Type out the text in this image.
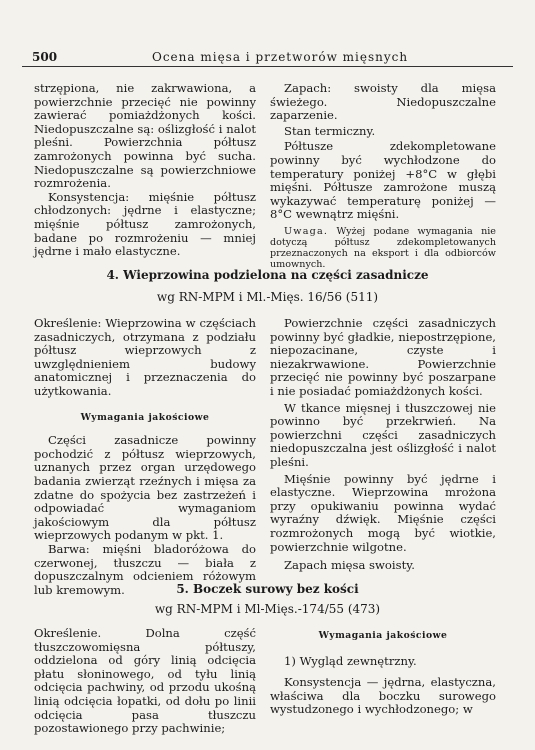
500	Ocena mięsa i przetworów mięsnych

strzępiona, nie zakrwawiona, a powierzchnie przecięć nie powinny zawierać pomiażdżonych kości. Niedopuszczalne są: oślizgłość i nalot pleśni. Powierzchnia półtusz zamrożonych powinna być sucha. Niedopuszczalne są powierzchniowe rozmrożenia.

Konsystencja: mięśnie półtusz chłodzonych: jędrne i elastyczne; mięśnie półtusz zamrożonych, badane po rozmrożeniu — mniej jędrne i mało elastyczne.

Zapach: swoisty dla mięsa świeżego. Niedopuszczalne zaparzenie.

Stan termiczny.

Półtusze zdekompletowane powinny być wychłodzone do temperatury poniżej +8°C w głębi mięśni. Półtusze zamrożone muszą wykazywać temperaturę poniżej —8°C wewnątrz mięśni.

Uwaga. Wyżej podane wymagania nie dotyczą półtusz zdekompletowanych przeznaczonych na eksport i dla odbiorców umownych.

4. Wieprzowina podzielona na części zasadnicze
wg RN-MPM i Ml.-Mięs. 16/56 (511)

Określenie: Wieprzowina w częściach zasadniczych, otrzymana z podziału półtusz wieprzowych z uwzględnieniem budowy anatomicznej i przeznaczenia do użytkowania.

Wymagania jakościowe

Części zasadnicze powinny pochodzić z półtusz wieprzowych, uznanych przez organ urzędowego badania zwierząt rzeźnych i mięsa za zdatne do spożycia bez zastrzeżeń i odpowiadać wymaganiom jakościowym dla półtusz wieprzowych podanym w pkt. 1.

Barwa: mięśni bladoróżowa do czerwonej, tłuszczu — biała z dopuszczalnym odcieniem różowym lub kremowym.

Powierzchnie części zasadniczych powinny być gładkie, niepostrzępione, niepozacinane, czyste i niezakrwawione. Powierzchnie przecięć nie powinny być poszarpane i nie posiadać pomiażdżonych kości.

W tkance mięsnej i tłuszczowej nie powinno być przekrwień. Na powierzchni części zasadniczych niedopuszczalna jest oślizgłość i nalot pleśni.

Mięśnie powinny być jędrne i elastyczne. Wieprzowina mrożona przy opukiwaniu powinna wydać wyraźny dźwięk. Mięśnie części rozmrożonych mogą być wiotkie, powierzchnie wilgotne.

Zapach mięsa swoisty.

5. Boczek surowy bez kości
wg RN-MPM i Ml-Mięs.-174/55 (473)

Określenie. Dolna część tłuszczowomięsna półtuszy, oddzielona od góry linią odcięcia płatu słoninowego, od tyłu linią odcięcia pachwiny, od przodu ukośną linią odcięcia łopatki, od dołu po linii odcięcia pasa tłuszczu pozostawionego przy pachwinie;

Wymagania jakościowe

1) Wygląd zewnętrzny.

Konsystencja — jędrna, elastyczna, właściwa dla boczku surowego wystudzonego i wychłodzonego; w
